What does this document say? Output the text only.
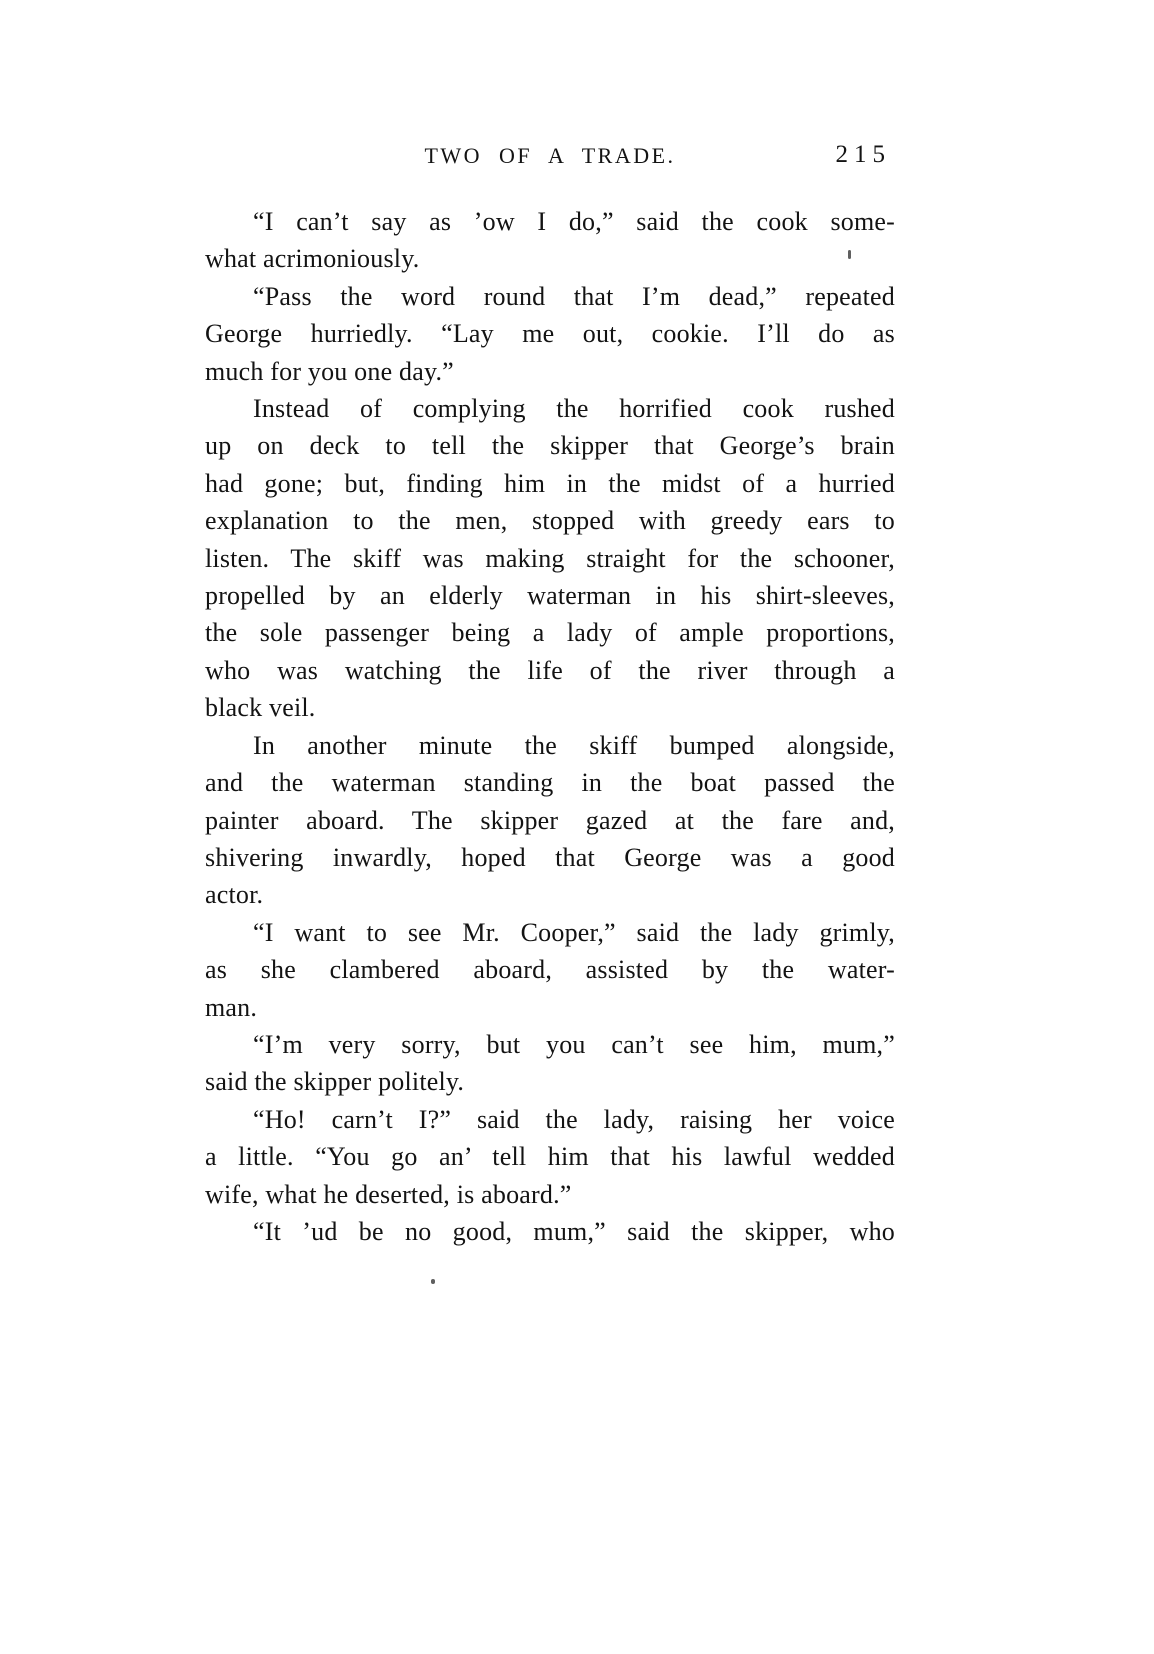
TWO OF A TRADE.	215
“I can’t say as ’ow I do,” said the cook some-
what acrimoniously.
“Pass the word round that I’m dead,” repeated
George hurriedly. “Lay me out, cookie. I’ll do as
much for you one day.”
Instead of complying the horrified cook rushed
up on deck to tell the skipper that George’s brain
had gone; but, finding him in the midst of a hurried
explanation to the men, stopped with greedy ears to
listen. The skiff was making straight for the schooner,
propelled by an elderly waterman in his shirt-sleeves,
the sole passenger being a lady of ample proportions,
who was watching the life of the river through a
black veil.
In another minute the skiff bumped alongside,
and the waterman standing in the boat passed the
painter aboard. The skipper gazed at the fare and,
shivering inwardly, hoped that George was a good
actor.
“I want to see Mr. Cooper,” said the lady grimly,
as she clambered aboard, assisted by the water-
man.
“I’m very sorry, but you can’t see him, mum,”
said the skipper politely.
“Ho! carn’t I?” said the lady, raising her voice
a little. “You go an’ tell him that his lawful wedded
wife, what he deserted, is aboard.”
“It ’ud be no good, mum,” said the skipper, who
